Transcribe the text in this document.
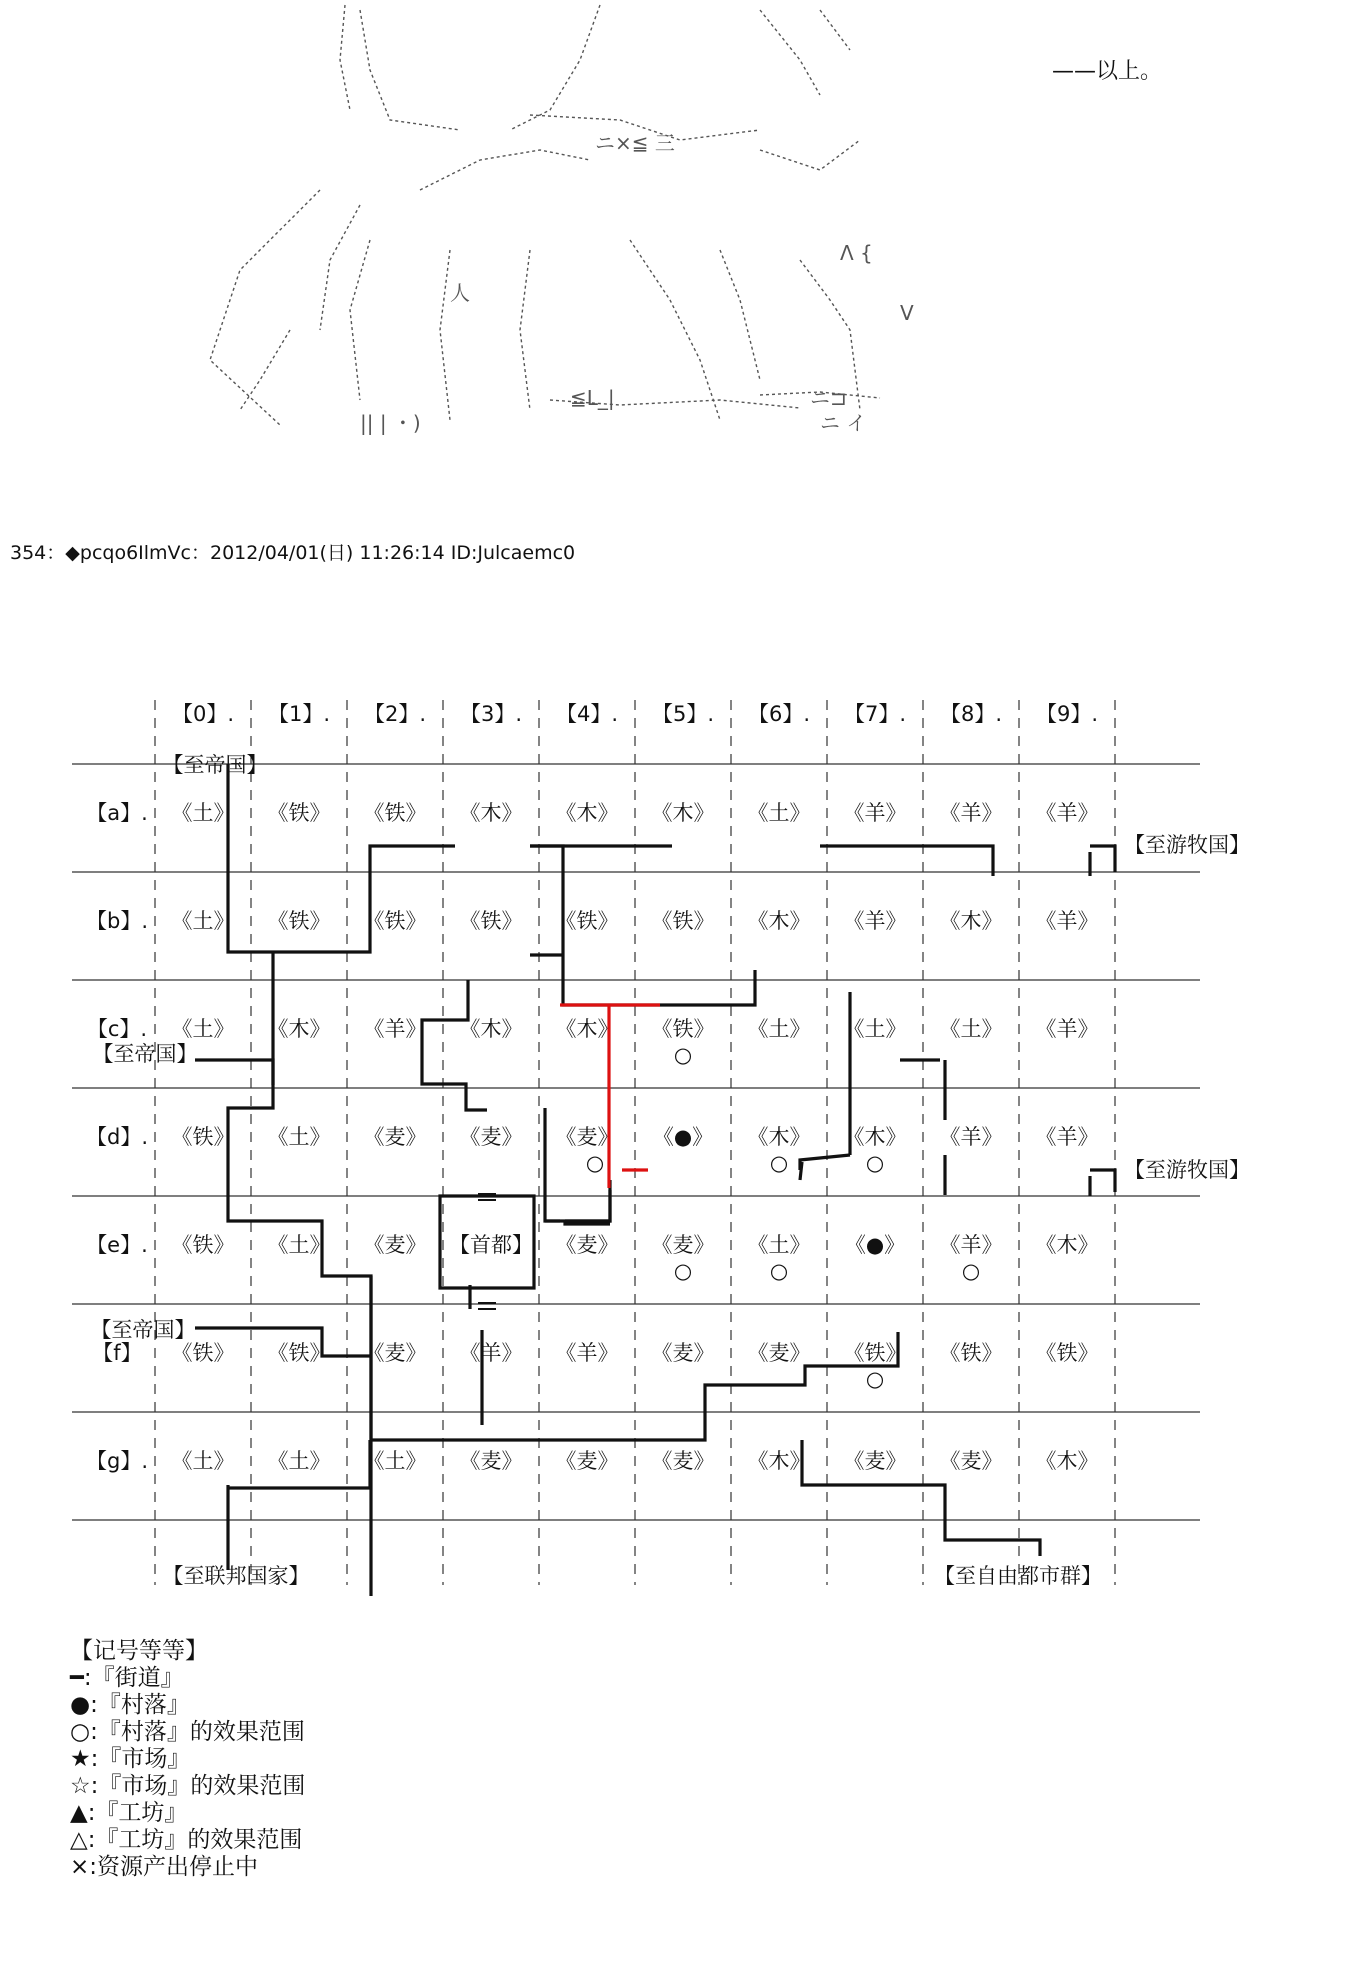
ニ×≦ 三
≦L_|	ニ⊐
ニ イ
人
Λ {
V
|| | ・)
——以上。
354：◆pcqo6IlmVc：2012/04/01(日) 11:26:14 ID:Julcaemc0
【0】. 【1】. 【2】. 【3】. 【4】. 【5】. 【6】. 【7】. 【8】. 【9】.
【a】. 《土》 《铁》 《铁》 《木》 《木》 《木》 《土》 《羊》 《羊》 《羊》
【b】. 《土》 《铁》 《铁》 《铁》 《铁》 《铁》 《木》 《羊》 《木》 《羊》
【c】. 《土》 《木》 《羊》 《木》 《木》 《铁》 《土》 《土》 《土》 《羊》
【d】. 《铁》 《土》 《麦》 《麦》 《麦》 《●》 《木》 《木》 《羊》 《羊》
【e】. 《铁》 《土》 《麦》 【首都】 《麦》 《麦》 《土》 《●》 《羊》 《木》
【f】 《铁》 《铁》 《麦》 《羊》 《羊》 《麦》 《麦》 《铁》 《铁》 《铁》
【g】. 《土》 《土》 《土》 《麦》 《麦》 《麦》 《木》 《麦》 《麦》 《木》
○
○	○	○
○	○	○
○
【至帝国】
【至游牧国】
【至帝国】
【至游牧国】
【至帝国】
【至联邦国家】	【至自由都市群】
【记号等等】
━:『街道』
●:『村落』
○:『村落』的效果范围
★:『市场』
☆:『市场』的效果范围
▲:『工坊』
△:『工坊』的效果范围
×:资源产出停止中
